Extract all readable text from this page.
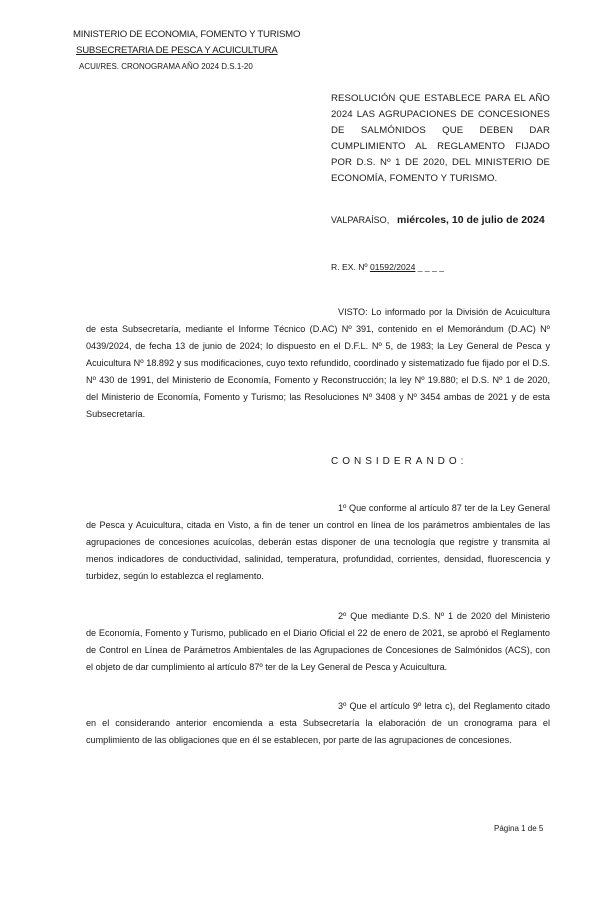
MINISTERIO DE ECONOMIA, FOMENTO Y TURISMO
SUBSECRETARIA DE PESCA Y ACUICULTURA
ACUI/RES. CRONOGRAMA AÑO 2024 D.S.1-20
RESOLUCIÓN QUE ESTABLECE PARA EL AÑO 2024 LAS AGRUPACIONES DE CONCESIONES DE SALMÓNIDOS QUE DEBEN DAR CUMPLIMIENTO AL REGLAMENTO FIJADO POR D.S. Nº 1 DE 2020, DEL MINISTERIO DE ECONOMÍA, FOMENTO Y TURISMO.
VALPARAÍSO, miércoles, 10 de julio de 2024
R. EX. Nº 01592/2024 _ _ _ _

VISTO: Lo informado por la División de Acuicultura de esta Subsecretaría, mediante el Informe Técnico (D.AC) Nº 391, contenido en el Memorándum (D.AC) Nº 0439/2024, de fecha 13 de junio de 2024; lo dispuesto en el D.F.L. Nº 5, de 1983; la Ley General de Pesca y Acuicultura Nº 18.892 y sus modificaciones, cuyo texto refundido, coordinado y sistematizado fue fijado por el D.S. Nº 430 de 1991, del Ministerio de Economía, Fomento y Reconstrucción; la ley Nº 19.880; el D.S. Nº 1 de 2020, del Ministerio de Economía, Fomento y Turismo; las Resoluciones Nº 3408 y Nº 3454 ambas de 2021 y de esta Subsecretaría.

CONSIDERANDO:

1º Que conforme al artículo 87 ter de la Ley General de Pesca y Acuicultura, citada en Visto, a fin de tener un control en línea de los parámetros ambientales de las agrupaciones de concesiones acuícolas, deberán estas disponer de una tecnología que registre y transmita al menos indicadores de conductividad, salinidad, temperatura, profundidad, corrientes, densidad, fluorescencia y turbidez, según lo establezca el reglamento.

2º Que mediante D.S. Nº 1 de 2020 del Ministerio de Economía, Fomento y Turismo, publicado en el Diario Oficial el 22 de enero de 2021, se aprobó el Reglamento de Control en Línea de Parámetros Ambientales de las Agrupaciones de Concesiones de Salmónidos (ACS), con el objeto de dar cumplimiento al artículo 87º ter de la Ley General de Pesca y Acuicultura.

3º Que el artículo 9º letra c), del Reglamento citado en el considerando anterior encomienda a esta Subsecretaría la elaboración de un cronograma para el cumplimiento de las obligaciones que en él se establecen, por parte de las agrupaciones de concesiones.

Página 1 de 5
